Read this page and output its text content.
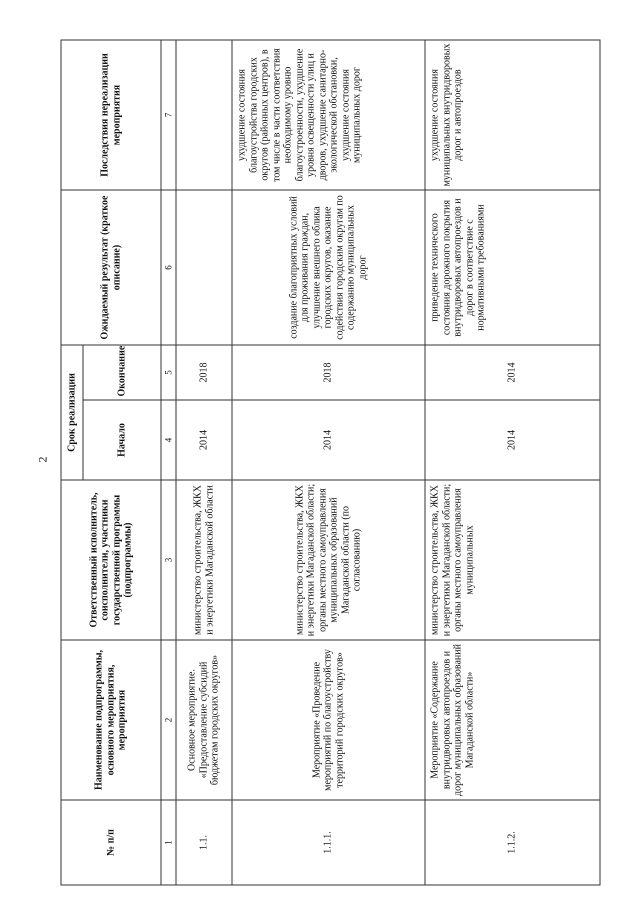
2
№ п/п	Наименование подпрограммы, основного мероприятия, мероприятия	Ответственный исполнитель, соисполнители, участники государственной программы (подпрограммы)	Срок реализации		Ожидаемый результат (краткое описание)	Последствия нереализации мероприятия
			Начало	Окончание		
1	2	3	4	5	6	7
1.1.	Основное мероприятие. «Предоставление субсидий бюджетам городских округов»	министерство строительства, ЖКХ и энергетики Магаданской области	2014	2018		
1.1.1.	Мероприятие «Проведение мероприятий по благоустройству территорий городских округов»	министерство строительства, ЖКХ и энергетики Магаданской области; органы местного самоуправления муниципальных образований Магаданской области (по согласованию)	2014	2018	создание благоприятных условий для проживания граждан, улучшение внешнего облика городских округов, оказание содействия городским округам по содержанию муниципальных дорог	ухудшение состояния благоустройства городских округов (районных центров), в том числе в части соответствия необходимому уровню благоустроенности, ухудшение уровня освещенности улиц и дворов, ухудшение санитарно-экологической обстановки, ухудшение состояния муниципальных дорог
1.1.2.	Мероприятие «Содержание внутридворовых автопроездов и дорог муниципальных образований Магаданской области»	министерство строительства, ЖКХ и энергетики Магаданской области; органы местного самоуправления муниципальных	2014	2014	приведение технического состояния дорожного покрытия внутридворовых автопроездов и дорог в соответствие с нормативными требованиями	ухудшение состояния муниципальных внутридворовых дорог и автопроездов
